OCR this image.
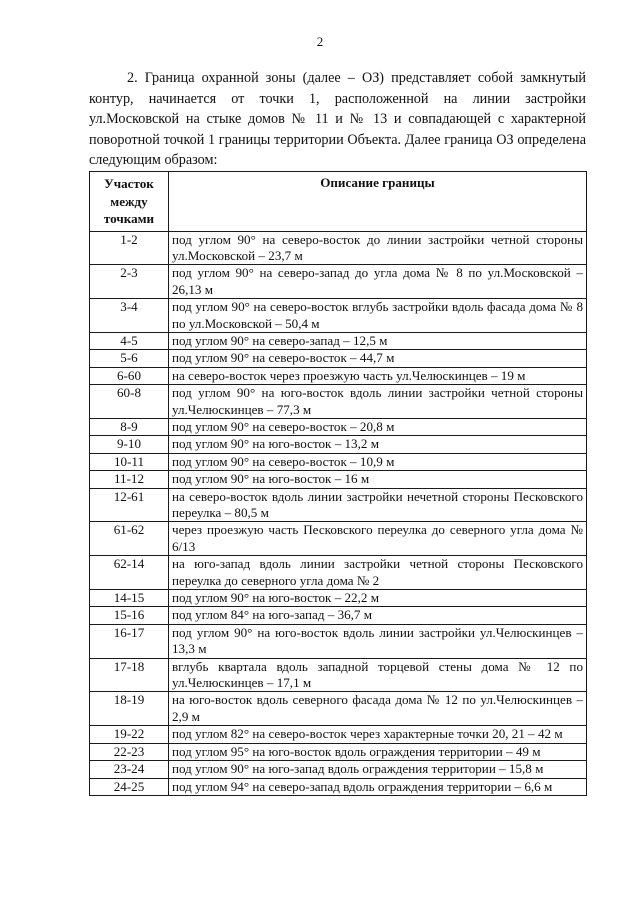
2

2. Граница охранной зоны (далее – ОЗ) представляет собой замкнутый контур, начинается от точки 1, расположенной на линии застройки ул.Московской на стыке домов № 11 и № 13 и совпадающей с характерной поворотной точкой 1 границы территории Объекта. Далее граница ОЗ определена следующим образом:

Участок между точками	Описание границы
1-2	под углом 90° на северо-восток до линии застройки четной стороны ул.Московской – 23,7 м
2-3	под углом 90° на северо-запад до угла дома № 8 по ул.Московской – 26,13 м
3-4	под углом 90° на северо-восток вглубь застройки вдоль фасада дома № 8 по ул.Московской – 50,4 м
4-5	под углом 90° на северо-запад – 12,5 м
5-6	под углом 90° на северо-восток – 44,7 м
6-60	на северо-восток через проезжую часть ул.Челюскинцев – 19 м
60-8	под углом 90° на юго-восток вдоль линии застройки четной стороны ул.Челюскинцев – 77,3 м
8-9	под углом 90° на северо-восток – 20,8 м
9-10	под углом 90° на юго-восток – 13,2 м
10-11	под углом 90° на северо-восток – 10,9 м
11-12	под углом 90° на юго-восток – 16 м
12-61	на северо-восток вдоль линии застройки нечетной стороны Песковского переулка – 80,5 м
61-62	через проезжую часть Песковского переулка до северного угла дома № 6/13
62-14	на юго-запад вдоль линии застройки четной стороны Песковского переулка до северного угла дома № 2
14-15	под углом 90° на юго-восток – 22,2 м
15-16	под углом 84° на юго-запад – 36,7 м
16-17	под углом 90° на юго-восток вдоль линии застройки ул.Челюскинцев – 13,3 м
17-18	вглубь квартала вдоль западной торцевой стены дома № 12 по ул.Челюскинцев – 17,1 м
18-19	на юго-восток вдоль северного фасада дома № 12 по ул.Челюскинцев – 2,9 м
19-22	под углом 82° на северо-восток через характерные точки 20, 21 – 42 м
22-23	под углом 95° на юго-восток вдоль ограждения территории – 49 м
23-24	под углом 90° на юго-запад вдоль ограждения территории – 15,8 м
24-25	под углом 94° на северо-запад вдоль ограждения территории – 6,6 м
